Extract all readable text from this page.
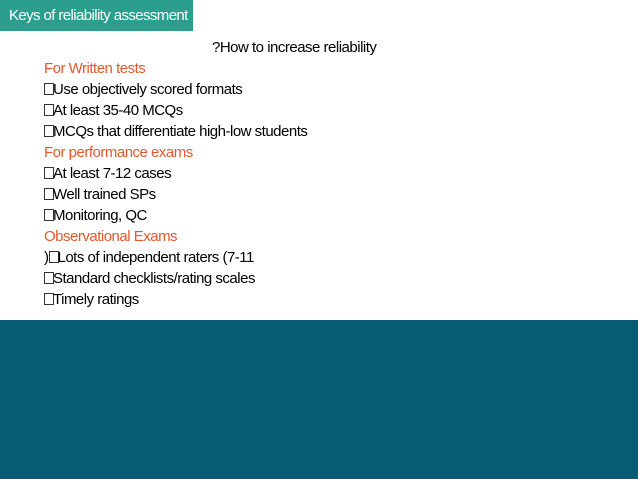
Keys of reliability assessment
?How to increase reliability
For Written tests
Use objectively scored formats
At least 35-40 MCQs
MCQs that differentiate high-low students
For performance exams
At least 7-12 cases
Well trained SPs
Monitoring, QC
Observational Exams
) Lots of independent raters (7-11
Standard checklists/rating scales
Timely ratings
